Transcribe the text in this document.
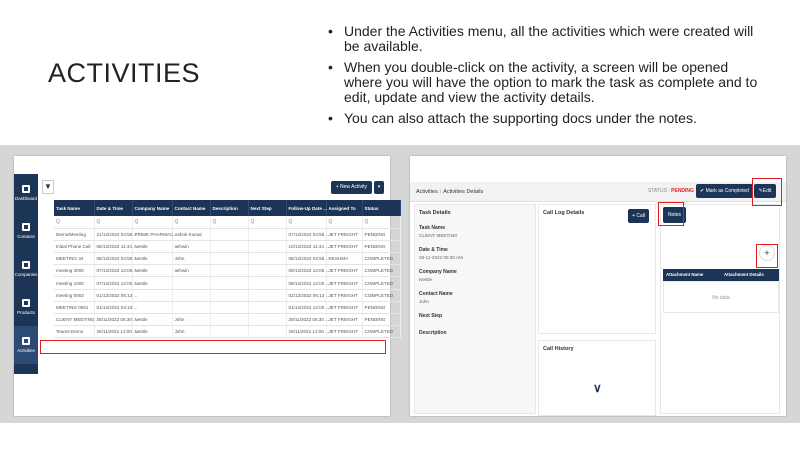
ACTIVITIES
• Under the Activities menu, all the activities which were created will be available.
• When you double-click on the activity, a screen will be opened where you will have the option to mark the task as complete and to edit, update and view the activity details.
• You can also attach the supporting docs under the notes.
Dashboard
Contacts
Companies
Products
Activities
▼	+ New Activity	▾
Task Name	Date & Time	Company Name	Contact Name	Description	Next Step	Follow-Up Date ...	Assigned To	Status
Q	Q	Q	Q	Q	Q	Q	Q	Q
Demo/Meeting	21/12/2022 04:55 ...	PRIME PHARMAC...	Ashok Kumar			07/12/2022 04:55 ...	JET FREIGHT	PENDING
Initial Phone Call	08/12/2022 11:44 ...	Nestle	ashwin			10/12/2022 11:44 ...	JET FREIGHT	PENDING
MEETING 34	08/12/2022 04:55 ...	Nestle	John			08/12/2022 03:55 ...	RESHMA	COMPLETED
meeting 3000	07/12/2022 12:05 ...	Nestle	ashwin			09/12/2022 12:05 ...	JET FREIGHT	COMPLETED
meeting 1000	07/12/2022 12:00 ...	Nestle				08/12/2022 12:00 ...	JET FREIGHT	COMPLETED
meeting 0002	01/12/2022 05:13 ...					02/12/2022 06:13 ...	JET FREIGHT	COMPLETED
MEETING 0001	01/12/2022 04:10 ...					01/12/2022 12:00 ...	JET FREIGHT	PENDING
CLIENT MEETING	28/11/2022 05:30 ...	Nestle	John			29/11/2022 05:30 ...	JET FREIGHT	PENDING
Teams-Demo	28/11/2022 12:00 ...	Nestle	John			29/11/2022 12:00 ...	JET FREIGHT	COMPLETED
Activities / Activities Details	STATUS : PENDING	✔ Mark as Completed	✎Edit
Task Details
Task Name
CLIENT MEETING
Date & Time
28-11-2022 05:30 AM
Company Name
Nestle
Contact Name
John
Next Step
Description
Call Log Details	+ Call
Call History
∨
Notes
+
Attachment Name	Attachment Details
No data
